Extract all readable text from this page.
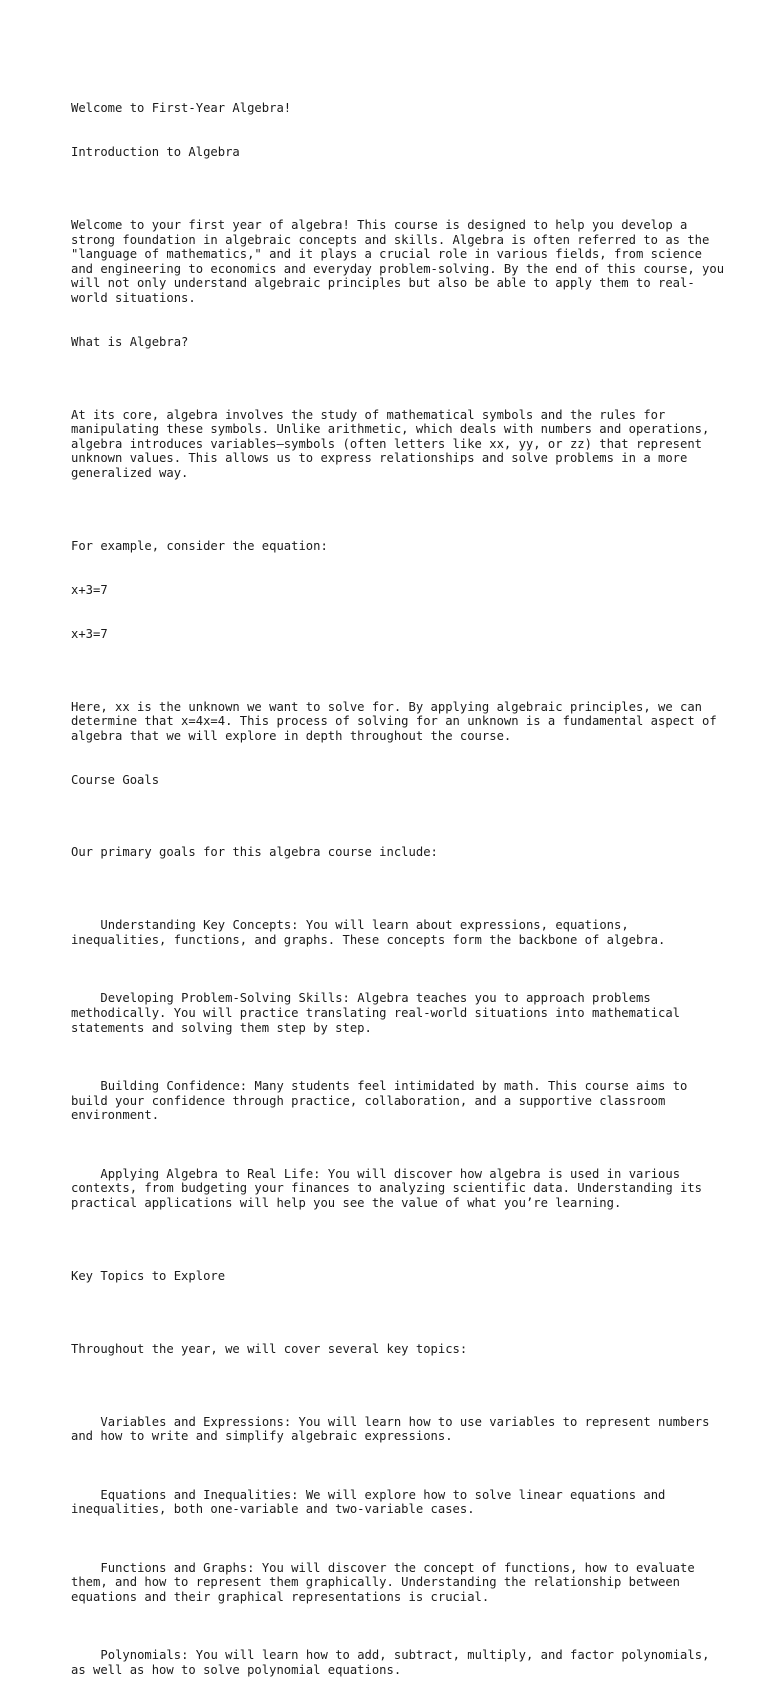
Welcome to First-Year Algebra!

Introduction to Algebra

Welcome to your first year of algebra! This course is designed to help you develop a strong foundation in algebraic concepts and skills. Algebra is often referred to as the "language of mathematics," and it plays a crucial role in various fields, from science and engineering to economics and everyday problem-solving. By the end of this course, you will not only understand algebraic principles but also be able to apply them to real-world situations.

What is Algebra?

At its core, algebra involves the study of mathematical symbols and the rules for manipulating these symbols. Unlike arithmetic, which deals with numbers and operations, algebra introduces variables—symbols (often letters like xx, yy, or zz) that represent unknown values. This allows us to express relationships and solve problems in a more generalized way.

For example, consider the equation:

x+3=7

x+3=7

Here, xx is the unknown we want to solve for. By applying algebraic principles, we can determine that x=4x=4. This process of solving for an unknown is a fundamental aspect of algebra that we will explore in depth throughout the course.

Course Goals

Our primary goals for this algebra course include:

Understanding Key Concepts: You will learn about expressions, equations, inequalities, functions, and graphs. These concepts form the backbone of algebra.

Developing Problem-Solving Skills: Algebra teaches you to approach problems methodically. You will practice translating real-world situations into mathematical statements and solving them step by step.

Building Confidence: Many students feel intimidated by math. This course aims to build your confidence through practice, collaboration, and a supportive classroom environment.

Applying Algebra to Real Life: You will discover how algebra is used in various contexts, from budgeting your finances to analyzing scientific data. Understanding its practical applications will help you see the value of what you’re learning.

Key Topics to Explore

Throughout the year, we will cover several key topics:

Variables and Expressions: You will learn how to use variables to represent numbers and how to write and simplify algebraic expressions.

Equations and Inequalities: We will explore how to solve linear equations and inequalities, both one-variable and two-variable cases.

Functions and Graphs: You will discover the concept of functions, how to evaluate them, and how to represent them graphically. Understanding the relationship between equations and their graphical representations is crucial.

Polynomials: You will learn how to add, subtract, multiply, and factor polynomials, as well as how to solve polynomial equations.
